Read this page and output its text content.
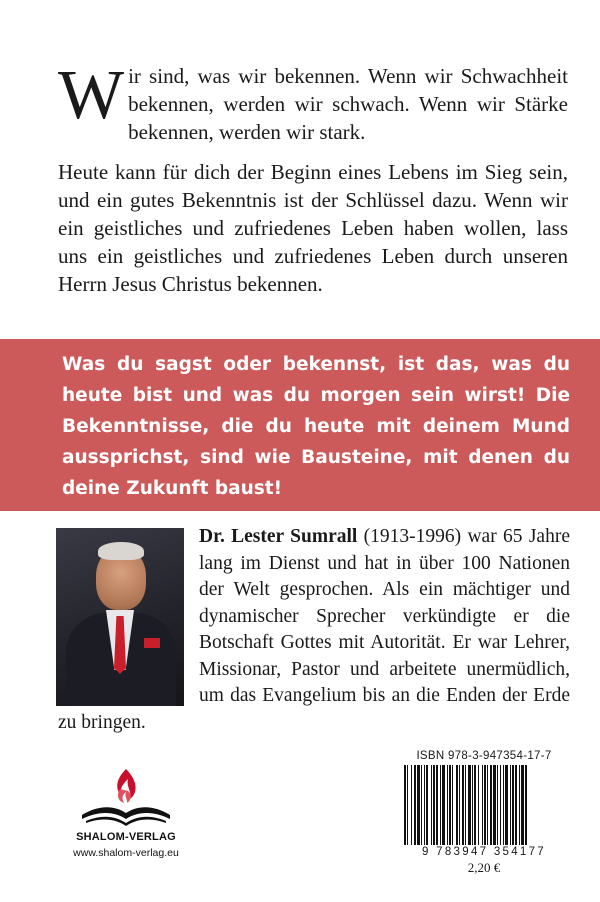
Wir sind, was wir bekennen. Wenn wir Schwachheit bekennen, werden wir schwach. Wenn wir Stärke bekennen, werden wir stark.

Heute kann für dich der Beginn eines Lebens im Sieg sein, und ein gutes Bekenntnis ist der Schlüssel dazu. Wenn wir ein geistliches und zufriedenes Leben haben wollen, lass uns ein geistliches und zufriedenes Leben durch unseren Herrn Jesus Christus bekennen.

Was du sagst oder bekennst, ist das, was du heute bist und was du morgen sein wirst! Die Bekenntnisse, die du heute mit deinem Mund aussprichst, sind wie Bausteine, mit denen du deine Zukunft baust!

Dr. Lester Sumrall (1913-1996) war 65 Jahre lang im Dienst und hat in über 100 Nationen der Welt gesprochen. Als ein mächtiger und dynamischer Sprecher verkündigte er die Botschaft Gottes mit Autorität. Er war Lehrer, Missionar, Pastor und arbeitete unermüdlich, um das Evangelium bis an die Enden der Erde zu bringen.

SHALOM-VERLAG
www.shalom-verlag.eu
ISBN 978-3-947354-17-7
9 783947 354177
2,20 €
